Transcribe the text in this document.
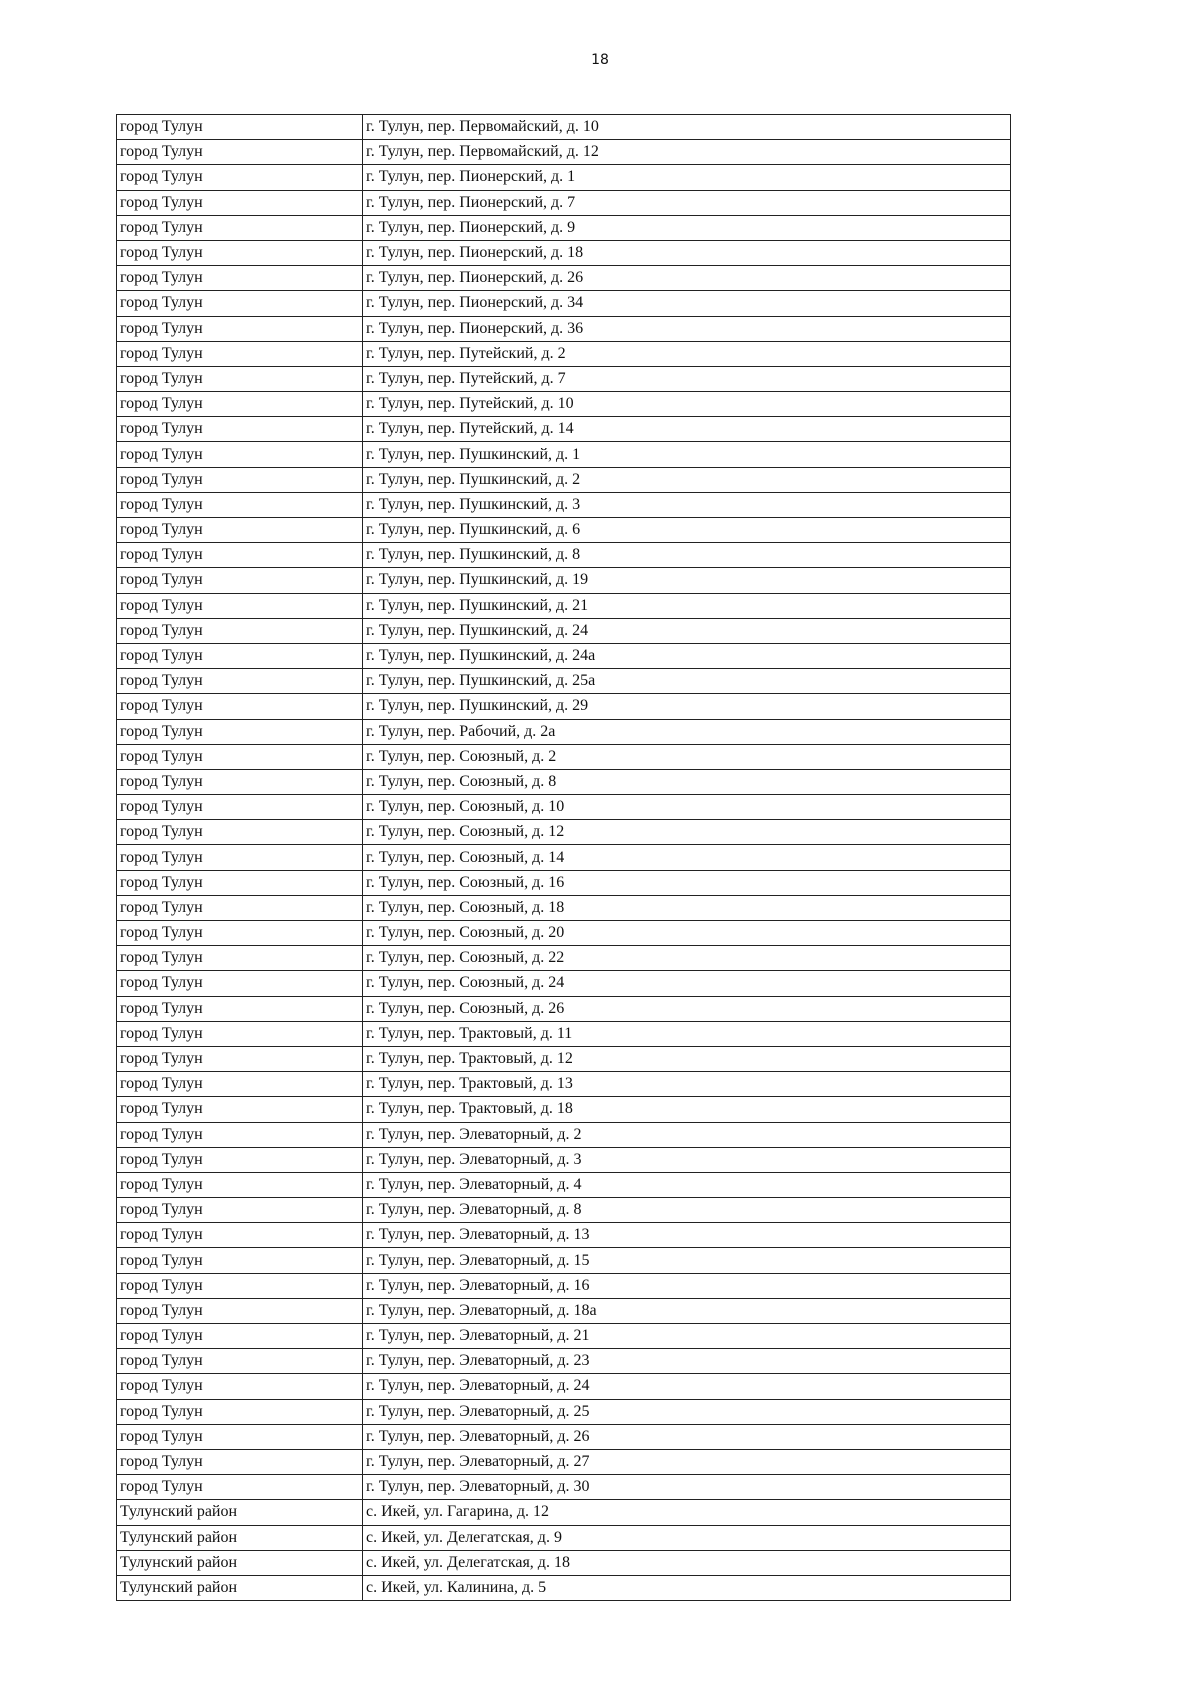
18
город Тулун	г. Тулун, пер. Первомайский, д. 10
город Тулун	г. Тулун, пер. Первомайский, д. 12
город Тулун	г. Тулун, пер. Пионерский, д. 1
город Тулун	г. Тулун, пер. Пионерский, д. 7
город Тулун	г. Тулун, пер. Пионерский, д. 9
город Тулун	г. Тулун, пер. Пионерский, д. 18
город Тулун	г. Тулун, пер. Пионерский, д. 26
город Тулун	г. Тулун, пер. Пионерский, д. 34
город Тулун	г. Тулун, пер. Пионерский, д. 36
город Тулун	г. Тулун, пер. Путейский, д. 2
город Тулун	г. Тулун, пер. Путейский, д. 7
город Тулун	г. Тулун, пер. Путейский, д. 10
город Тулун	г. Тулун, пер. Путейский, д. 14
город Тулун	г. Тулун, пер. Пушкинский, д. 1
город Тулун	г. Тулун, пер. Пушкинский, д. 2
город Тулун	г. Тулун, пер. Пушкинский, д. 3
город Тулун	г. Тулун, пер. Пушкинский, д. 6
город Тулун	г. Тулун, пер. Пушкинский, д. 8
город Тулун	г. Тулун, пер. Пушкинский, д. 19
город Тулун	г. Тулун, пер. Пушкинский, д. 21
город Тулун	г. Тулун, пер. Пушкинский, д. 24
город Тулун	г. Тулун, пер. Пушкинский, д. 24а
город Тулун	г. Тулун, пер. Пушкинский, д. 25а
город Тулун	г. Тулун, пер. Пушкинский, д. 29
город Тулун	г. Тулун, пер. Рабочий, д. 2а
город Тулун	г. Тулун, пер. Союзный, д. 2
город Тулун	г. Тулун, пер. Союзный, д. 8
город Тулун	г. Тулун, пер. Союзный, д. 10
город Тулун	г. Тулун, пер. Союзный, д. 12
город Тулун	г. Тулун, пер. Союзный, д. 14
город Тулун	г. Тулун, пер. Союзный, д. 16
город Тулун	г. Тулун, пер. Союзный, д. 18
город Тулун	г. Тулун, пер. Союзный, д. 20
город Тулун	г. Тулун, пер. Союзный, д. 22
город Тулун	г. Тулун, пер. Союзный, д. 24
город Тулун	г. Тулун, пер. Союзный, д. 26
город Тулун	г. Тулун, пер. Трактовый, д. 11
город Тулун	г. Тулун, пер. Трактовый, д. 12
город Тулун	г. Тулун, пер. Трактовый, д. 13
город Тулун	г. Тулун, пер. Трактовый, д. 18
город Тулун	г. Тулун, пер. Элеваторный, д. 2
город Тулун	г. Тулун, пер. Элеваторный, д. 3
город Тулун	г. Тулун, пер. Элеваторный, д. 4
город Тулун	г. Тулун, пер. Элеваторный, д. 8
город Тулун	г. Тулун, пер. Элеваторный, д. 13
город Тулун	г. Тулун, пер. Элеваторный, д. 15
город Тулун	г. Тулун, пер. Элеваторный, д. 16
город Тулун	г. Тулун, пер. Элеваторный, д. 18а
город Тулун	г. Тулун, пер. Элеваторный, д. 21
город Тулун	г. Тулун, пер. Элеваторный, д. 23
город Тулун	г. Тулун, пер. Элеваторный, д. 24
город Тулун	г. Тулун, пер. Элеваторный, д. 25
город Тулун	г. Тулун, пер. Элеваторный, д. 26
город Тулун	г. Тулун, пер. Элеваторный, д. 27
город Тулун	г. Тулун, пер. Элеваторный, д. 30
Тулунский район	с. Икей, ул. Гагарина, д. 12
Тулунский район	с. Икей, ул. Делегатская, д. 9
Тулунский район	с. Икей, ул. Делегатская, д. 18
Тулунский район	с. Икей, ул. Калинина, д. 5
